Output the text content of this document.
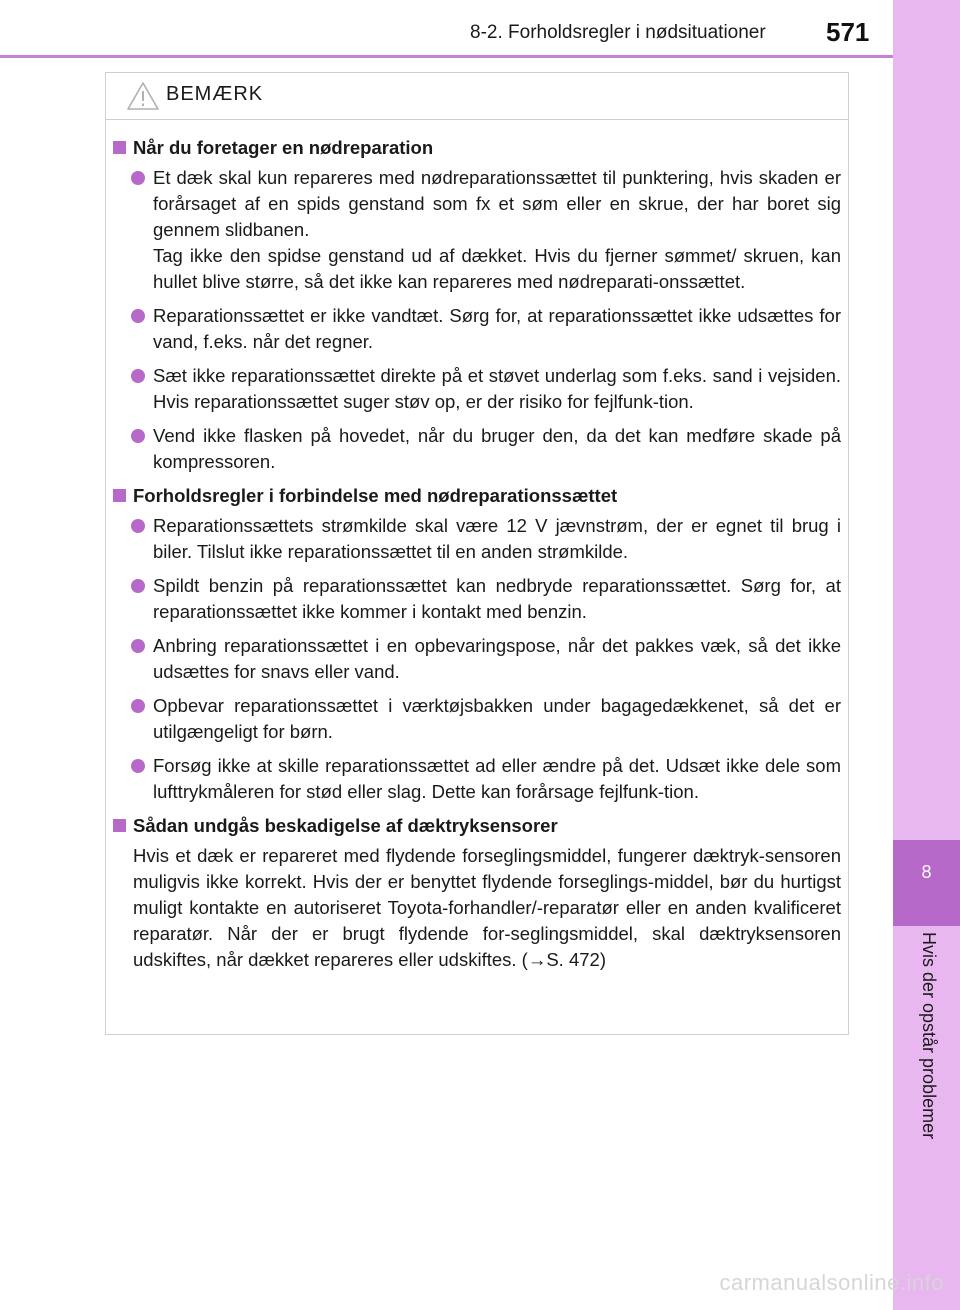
8-2. Forholdsregler i nødsituationer 571
8
Hvis der opstår problemer
BEMÆRK
Når du foretager en nødreparation
Et dæk skal kun repareres med nødreparationssættet til punktering, hvis skaden er forårsaget af en spids genstand som fx et søm eller en skrue, der har boret sig gennem slidbanen.
Tag ikke den spidse genstand ud af dækket. Hvis du fjerner sømmet/ skruen, kan hullet blive større, så det ikke kan repareres med nødreparati-onssættet.
Reparationssættet er ikke vandtæt. Sørg for, at reparationssættet ikke udsættes for vand, f.eks. når det regner.
Sæt ikke reparationssættet direkte på et støvet underlag som f.eks. sand i vejsiden. Hvis reparationssættet suger støv op, er der risiko for fejlfunk-tion.
Vend ikke flasken på hovedet, når du bruger den, da det kan medføre skade på kompressoren.
Forholdsregler i forbindelse med nødreparationssættet
Reparationssættets strømkilde skal være 12 V jævnstrøm, der er egnet til brug i biler. Tilslut ikke reparationssættet til en anden strømkilde.
Spildt benzin på reparationssættet kan nedbryde reparationssættet. Sørg for, at reparationssættet ikke kommer i kontakt med benzin.
Anbring reparationssættet i en opbevaringspose, når det pakkes væk, så det ikke udsættes for snavs eller vand.
Opbevar reparationssættet i værktøjsbakken under bagagedækkenet, så det er utilgængeligt for børn.
Forsøg ikke at skille reparationssættet ad eller ændre på det. Udsæt ikke dele som lufttrykmåleren for stød eller slag. Dette kan forårsage fejlfunk-tion.
Sådan undgås beskadigelse af dæktryksensorer
Hvis et dæk er repareret med flydende forseglingsmiddel, fungerer dæktryk-sensoren muligvis ikke korrekt. Hvis der er benyttet flydende forseglings-middel, bør du hurtigst muligt kontakte en autoriseret Toyota-forhandler/-reparatør eller en anden kvalificeret reparatør. Når der er brugt flydende for-seglingsmiddel, skal dæktryksensoren udskiftes, når dækket repareres eller udskiftes. (→S. 472)
carmanualsonline.info
